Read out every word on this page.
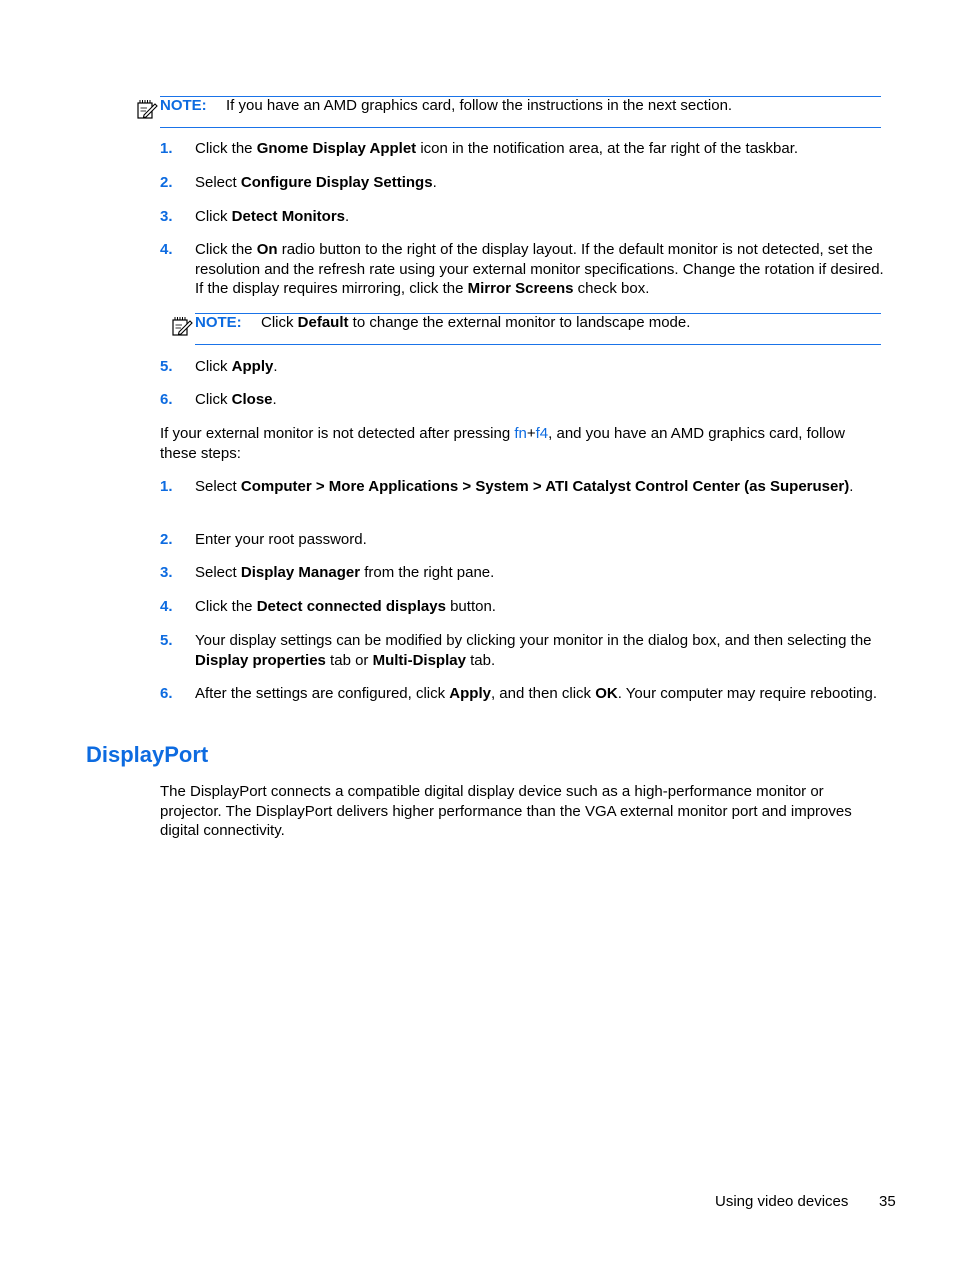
NOTE: If you have an AMD graphics card, follow the instructions in the next section.
1. Click the Gnome Display Applet icon in the notification area, at the far right of the taskbar.
2. Select Configure Display Settings.
3. Click Detect Monitors.
4. Click the On radio button to the right of the display layout. If the default monitor is not detected, set the resolution and the refresh rate using your external monitor specifications. Change the rotation if desired. If the display requires mirroring, click the Mirror Screens check box.
NOTE: Click Default to change the external monitor to landscape mode.
5. Click Apply.
6. Click Close.
If your external monitor is not detected after pressing fn+f4, and you have an AMD graphics card, follow these steps:
1. Select Computer > More Applications > System > ATI Catalyst Control Center (as Superuser).
2. Enter your root password.
3. Select Display Manager from the right pane.
4. Click the Detect connected displays button.
5. Your display settings can be modified by clicking your monitor in the dialog box, and then selecting the Display properties tab or Multi-Display tab.
6. After the settings are configured, click Apply, and then click OK. Your computer may require rebooting.
DisplayPort
The DisplayPort connects a compatible digital display device such as a high-performance monitor or projector. The DisplayPort delivers higher performance than the VGA external monitor port and improves digital connectivity.
Using video devices 35
